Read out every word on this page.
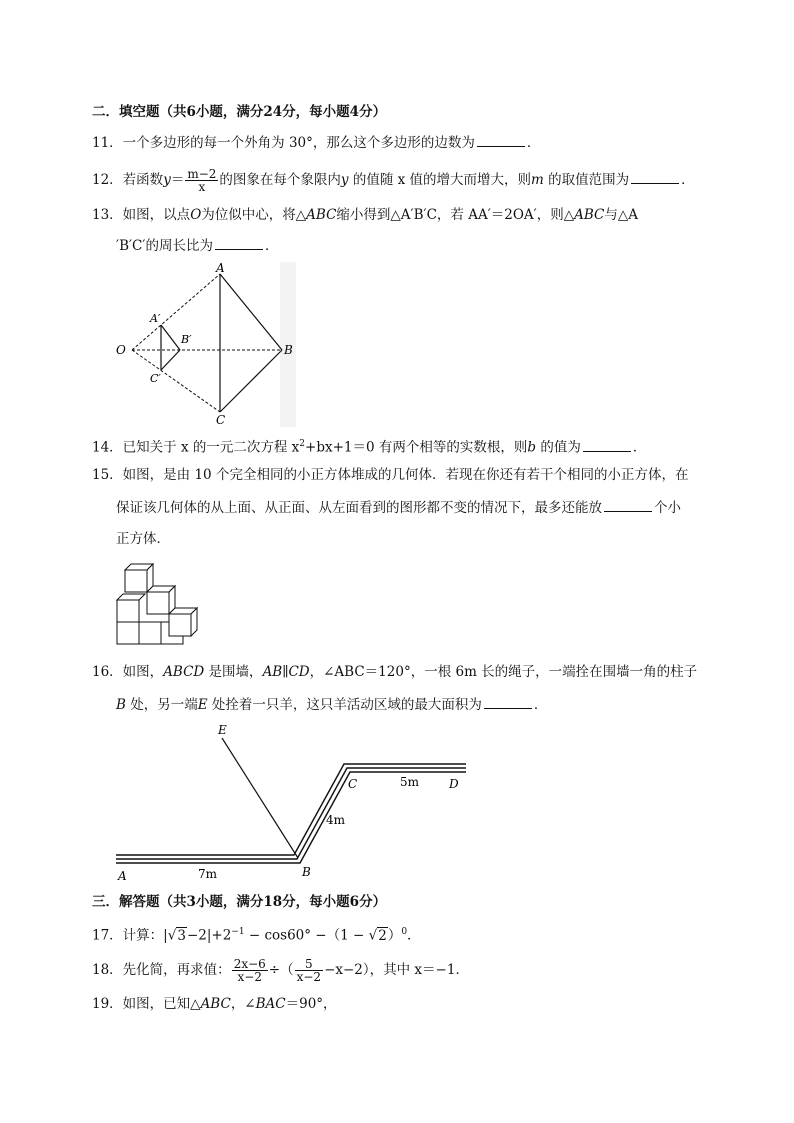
二．填空题（共6小题，满分24分，每小题4分）
11．一个多边形的每一个外角为 30°，那么这个多边形的边数为	．
12．若函数$y= \frac{m-2}{x}$ 的图象在每个象限内y 的值随 x 值的增大而增大，则m 的取值范围为	．
13．如图，以点O为位似中心，将△ABC缩小得到△A′B′C，若 AA′＝2OA′，则△ABC与△A
′B′C′的周长比为	．
A
B
C
O
A′
B′
C′
14．已知关于 x 的一元二次方程 $x^2+bx+1=0$ 有两个相等的实数根，则b 的值为	．
15．如图，是由 10 个完全相同的小正方体堆成的几何体．若现在你还有若干个相同的小正方体，在
保证该几何体的从上面、从正面、从左面看到的图形都不变的情况下，最多还能放	个小
正方体．
16．如图，ABCD 是围墙，AB∥CD，∠ABC＝120°，一根 6m 长的绳子，一端拴在围墙一角的柱子
B 处，另一端E 处拴着一只羊，这只羊活动区域的最大面积为	．
E
A	B
C	D
7m
4m
5m
三．解答题（共3小题，满分18分，每小题6分）
17．计算：$|√3-2|+2^{-1} - \cos 60^\circ -(1 - √2)^0$．
18．先化简，再求值： $\frac{2x-6}{x-2}$ ÷（ $\frac{5}{x-2} -x-2$），其中 x＝−1．
19．如图，已知△ABC，∠BAC＝90°，
